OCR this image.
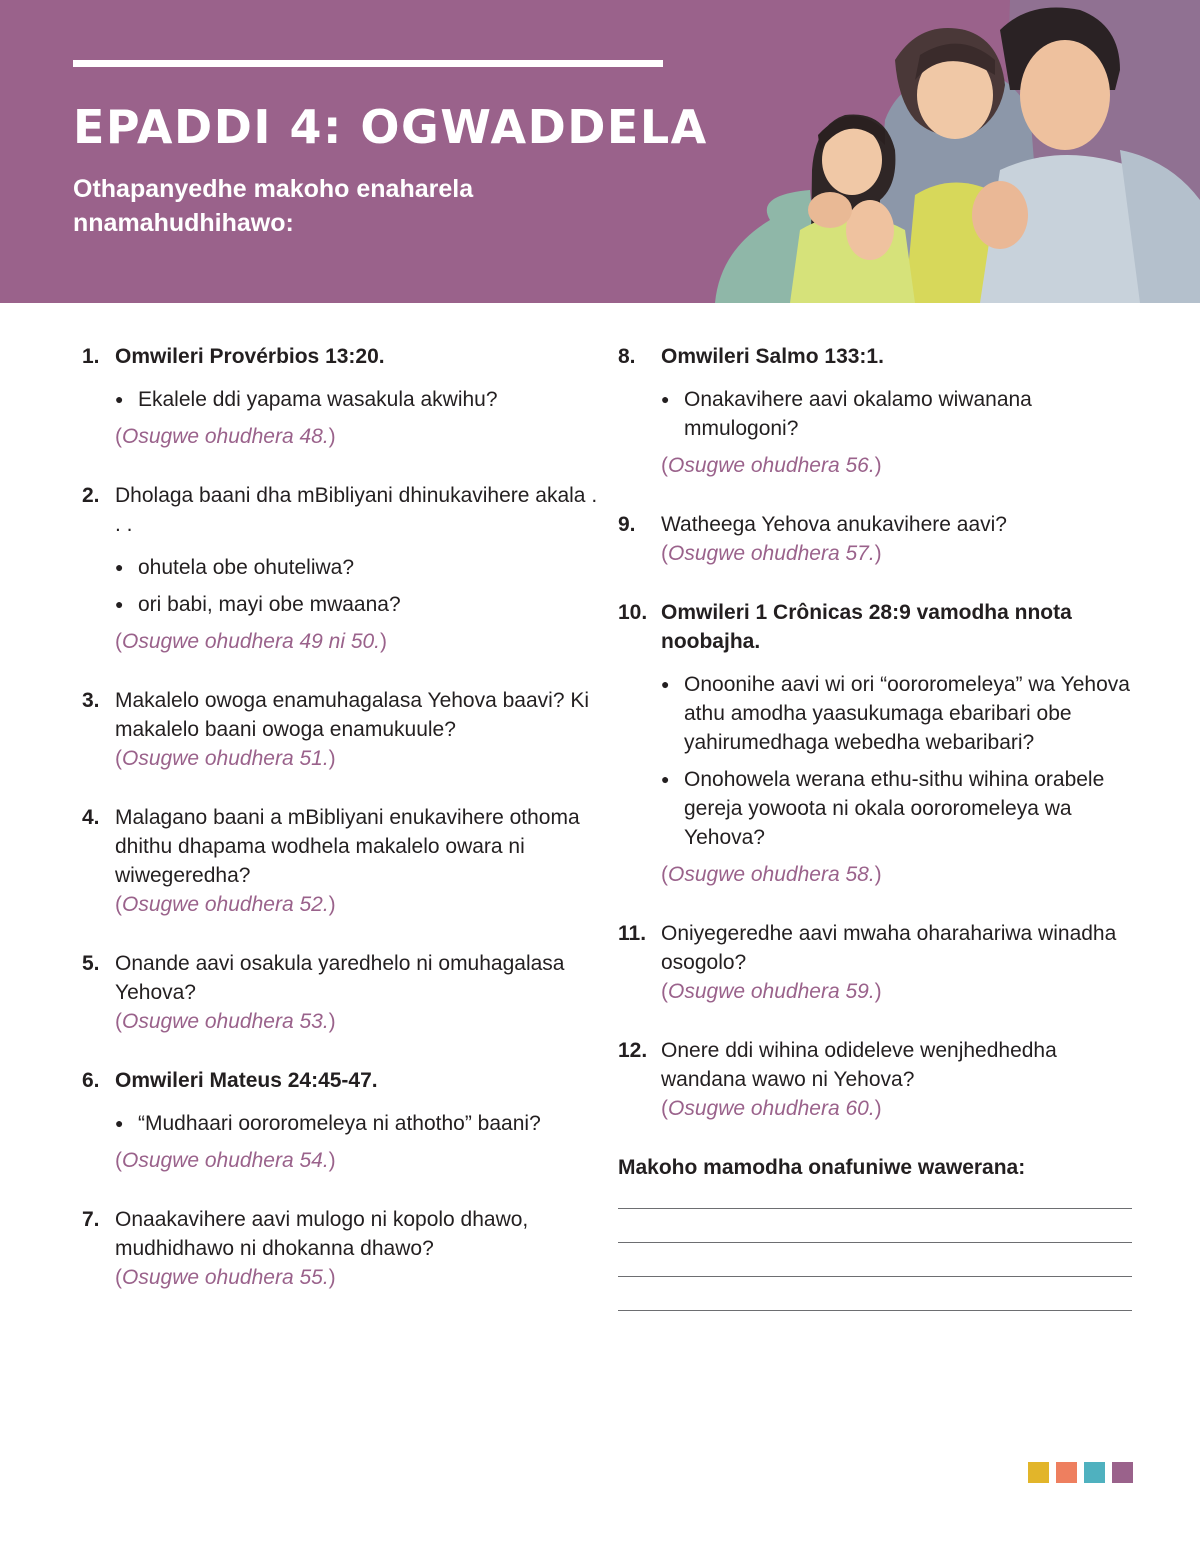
EPADDI 4: OGWADDELA

Othapanyedhe makoho enaharela nnamahudhihawo:

1. Omwileri Provérbios 13:20.

● Ekalele ddi yapama wasakula akwihu?

(Osugwe ohudhera 48.)

2. Dholaga baani dha mBibliyani dhinukavihere akala . . .

● ohutela obe ohuteliwa?
● ori babi, mayi obe mwaana?

(Osugwe ohudhera 49 ni 50.)

3. Makalelo owoga enamuhagalasa Yehova baavi? Ki makalelo baani owoga enamukuule?

(Osugwe ohudhera 51.)

4. Malagano baani a mBibliyani enukavihere othoma dhithu dhapama wodhela makalelo owara ni wiwegeredha?

(Osugwe ohudhera 52.)

5. Onande aavi osakula yaredhelo ni omuhagalasa Yehova?

(Osugwe ohudhera 53.)

6. Omwileri Mateus 24:45-47.

● “Mudhaari oororomeleya ni athotho” baani?

(Osugwe ohudhera 54.)

7. Onaakavihere aavi mulogo ni kopolo dhawo, mudhidhawo ni dhokanna dhawo?

(Osugwe ohudhera 55.)

8. Omwileri Salmo 133:1.

● Onakavihere aavi okalamo wiwanana mmulogoni?

(Osugwe ohudhera 56.)

9. Watheega Yehova anukavihere aavi?

(Osugwe ohudhera 57.)

10. Omwileri 1 Crônicas 28:9 vamodha nnota noobajha.

● Onoonihe aavi wi ori “oororomeleya” wa Yehova athu amodha yaasukumaga ebaribari obe yahirumedhaga webedha webaribari?
● Onohowela werana ethu-sithu wihina orabele gereja yowoota ni okala oororomeleya wa Yehova?

(Osugwe ohudhera 58.)

11. Oniyegeredhe aavi mwaha oharahariwa winadha osogolo?

(Osugwe ohudhera 59.)

12. Onere ddi wihina odideleve wenjhedhedha wandana wawo ni Yehova?

(Osugwe ohudhera 60.)

Makoho mamodha onafuniwe wawerana:
